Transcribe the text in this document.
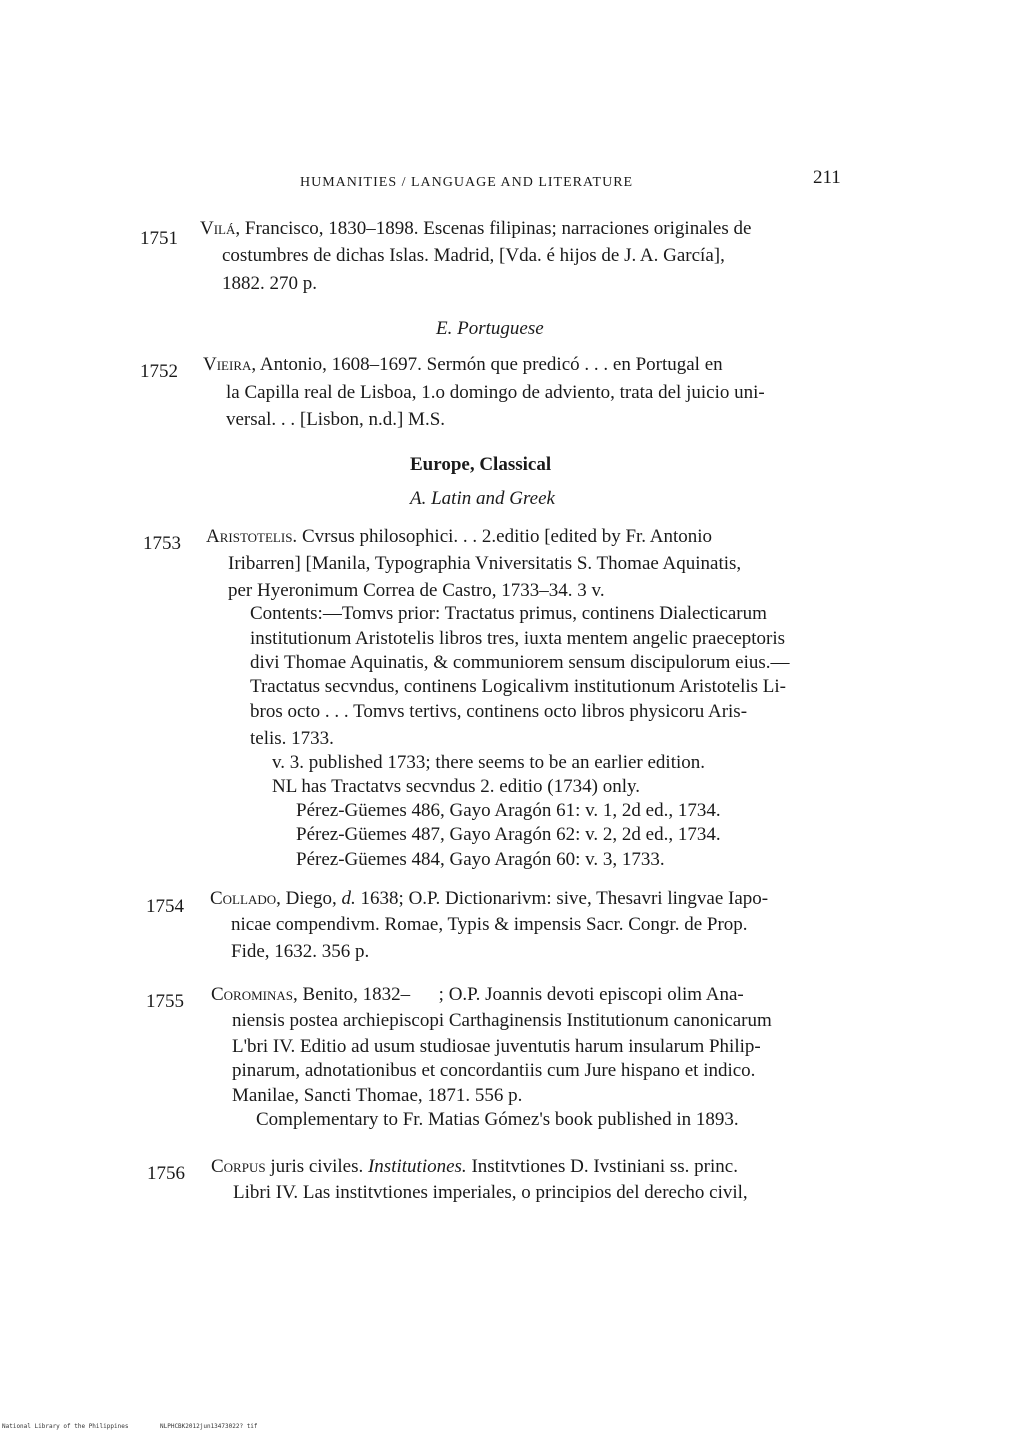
HUMANITIES / LANGUAGE AND LITERATURE	211
1751 Vilá, Francisco, 1830–1898. Escenas filipinas; narraciones originales de
costumbres de dichas Islas. Madrid, [Vda. é hijos de J. A. García],
1882. 270 p.
E. Portuguese
1752 Vieira, Antonio, 1608–1697. Sermón que predicó . . . en Portugal en
la Capilla real de Lisboa, 1.o domingo de adviento, trata del juicio uni-
versal. . . [Lisbon, n.d.] M.S.
Europe, Classical
A. Latin and Greek
1753 Aristotelis. Cvrsus philosophici. . . 2.editio [edited by Fr. Antonio
Iribarren] [Manila, Typographia Vniversitatis S. Thomae Aquinatis,
per Hyeronimum Correa de Castro, 1733–34. 3 v.
Contents:—Tomvs prior: Tractatus primus, continens Dialecticarum
institutionum Aristotelis libros tres, iuxta mentem angelic praeceptoris
divi Thomae Aquinatis, & communiorem sensum discipulorum eius.—
Tractatus secvndus, continens Logicalivm institutionum Aristotelis Li-
bros octo . . . Tomvs tertivs, continens octo libros physicoru Aris-
telis. 1733.
v. 3. published 1733; there seems to be an earlier edition.
NL has Tractatvs secvndus 2. editio (1734) only.
Pérez-Güemes 486, Gayo Aragón 61: v. 1, 2d ed., 1734.
Pérez-Güemes 487, Gayo Aragón 62: v. 2, 2d ed., 1734.
Pérez-Güemes 484, Gayo Aragón 60: v. 3, 1733.
1754 Collado, Diego, d. 1638; O.P. Dictionarivm: sive, Thesavri lingvae Iapo-
nicae compendivm. Romae, Typis & impensis Sacr. Congr. de Prop.
Fide, 1632. 356 p.
1755 Corominas, Benito, 1832–      ; O.P. Joannis devoti episcopi olim Ana-
niensis postea archiepiscopi Carthaginensis Institutionum canonicarum
L'bri IV. Editio ad usum studiosae juventutis harum insularum Philip-
pinarum, adnotationibus et concordantiis cum Jure hispano et indico.
Manilae, Sancti Thomae, 1871. 556 p.
Complementary to Fr. Matias Gómez's book published in 1893.
1756 Corpus juris civiles. Institutiones. Institvtiones D. Ivstiniani ss. princ.
Libri IV. Las institvtiones imperiales, o principios del derecho civil,
National Library of the Philippines	NLPHCBK2012jun13473022? tif
